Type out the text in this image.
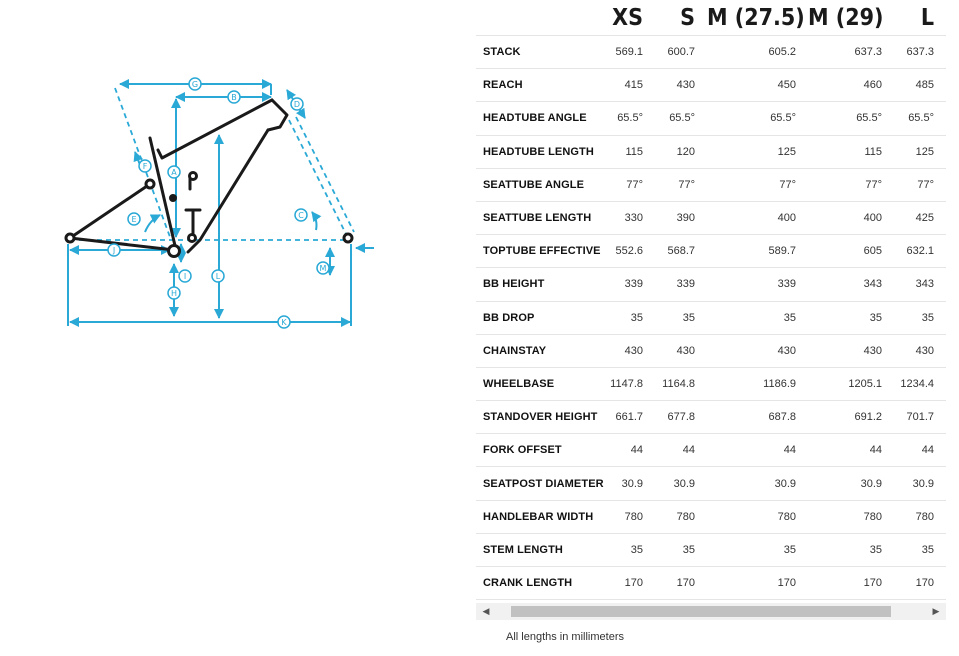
G
B
D
A
F
E	C
J
I
H
L
M
K
	XS	S	M (27.5)	M (29)	L
STACK	569.1	600.7	605.2	637.3	637.3
REACH	415	430	450	460	485
HEADTUBE ANGLE	65.5°	65.5°	65.5°	65.5°	65.5°
HEADTUBE LENGTH	115	120	125	115	125
SEATTUBE ANGLE	77°	77°	77°	77°	77°
SEATTUBE LENGTH	330	390	400	400	425
TOPTUBE EFFECTIVE	552.6	568.7	589.7	605	632.1
BB HEIGHT	339	339	339	343	343
BB DROP	35	35	35	35	35
CHAINSTAY	430	430	430	430	430
WHEELBASE	1147.8	1164.8	1186.9	1205.1	1234.4
STANDOVER HEIGHT	661.7	677.8	687.8	691.2	701.7
FORK OFFSET	44	44	44	44	44
SEATPOST DIAMETER	30.9	30.9	30.9	30.9	30.9
HANDLEBAR WIDTH	780	780	780	780	780
STEM LENGTH	35	35	35	35	35
CRANK LENGTH	170	170	170	170	170
◀	▶
All lengths in millimeters
